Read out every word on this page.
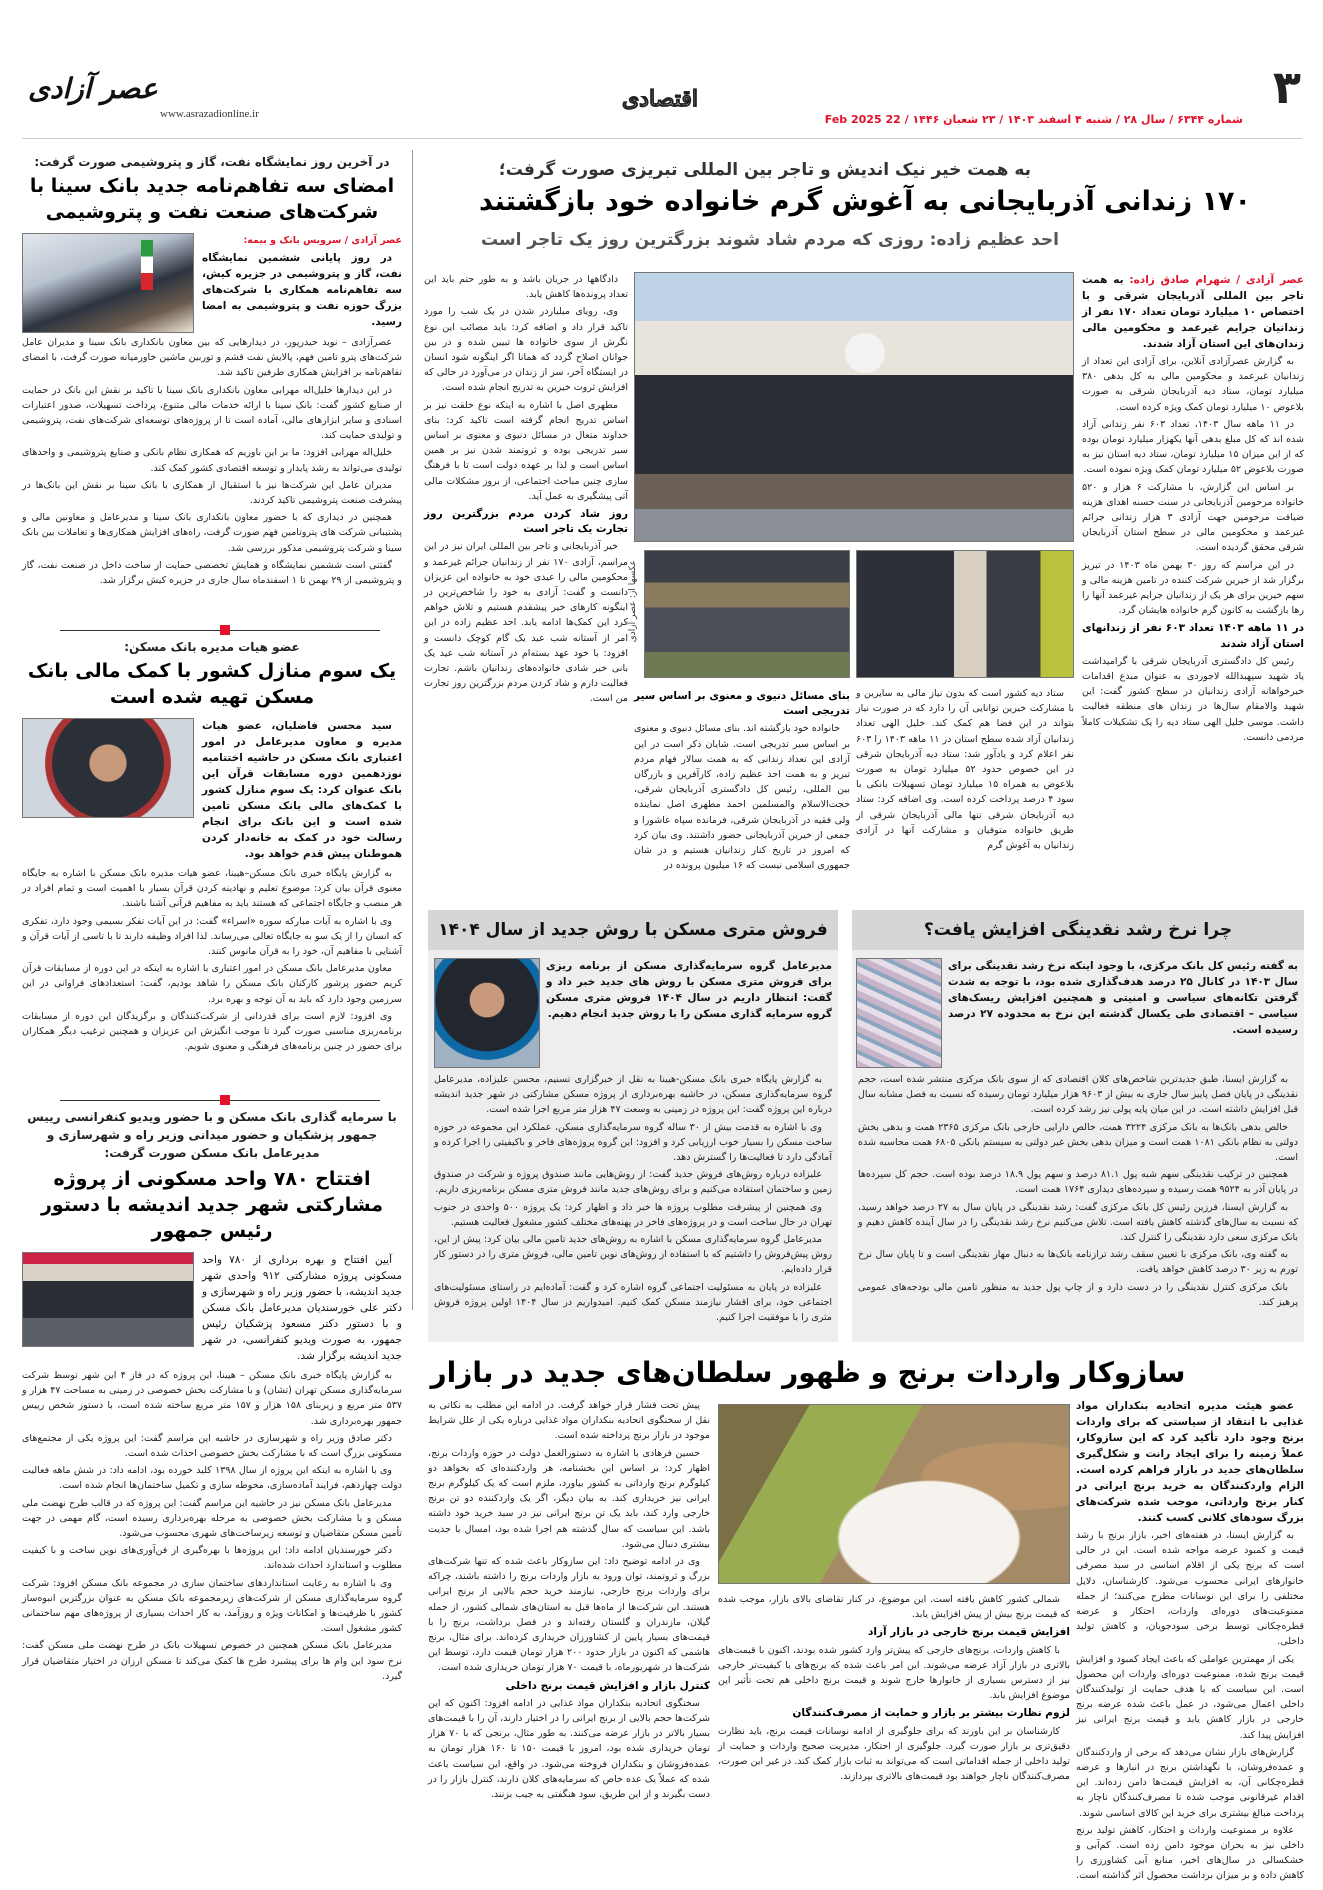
۳
شماره ۶۳۴۴ / سال ۲۸ / شنبه ۴ اسفند ۱۴۰۳ / ۲۳ شعبان ۱۴۴۶ / 22 Feb 2025
اقتصادی
عصر آزادی
www.asrazadionline.ir
در آخرین روز نمایشگاه نفت، گاز و پتروشیمی صورت گرفت:
امضای سه تفاهم‌نامه جدید بانک سینا با شرکت‌های صنعت نفت و پتروشیمی

عصر آزادی / سرویس بانک و بیمه:

در روز پایانی ششمین نمایشگاه نفت، گاز و پتروشیمی در جزیره کیش، سه تفاهم‌نامه همکاری با شرکت‌های بزرگ حوزه نفت و پتروشیمی به امضا رسید.

عصرآزادی – نوید حیدرپور، در دیدارهایی که بین معاون بانکداری بانک سینا و مدیران عامل شرکت‌های پترو تامین فهم، پالایش نفت قشم و توربین ماشین خاورمیانه صورت گرفت، با امضای تفاهم‌نامه بر افزایش همکاری طرفین تاکید شد.

در این دیدارها خلیل‌اله مهرابی معاون بانکداری بانک سینا با تاکید بر نقش این بانک در حمایت از صنایع کشور گفت: بانک سینا با ارائه خدمات مالی متنوع، پرداخت تسهیلات، صدور اعتبارات اسنادی و سایر ابزارهای مالی، آماده است تا از پروژه‌های توسعه‌ای شرکت‌های نفت، پتروشیمی و تولیدی حمایت کند.

خلیل‌اله مهرابی افزود: ما بر این باوریم که همکاری نظام بانکی و صنایع پتروشیمی و واحدهای تولیدی می‌تواند به رشد پایدار و توسعه اقتصادی کشور کمک کند.

مدیران عامل این شرکت‌ها نیز با استقبال از همکاری با بانک سینا بر نقش این بانک‌ها در پیشرفت صنعت پتروشیمی تاکید کردند.

همچنین در دیداری که با حضور معاون بانکداری بانک سینا و مدیرعامل و معاونین مالی و پشتیبانی شرکت های پتروتامین فهم صورت گرفت، راه‌های افزایش همکاری‌ها و تعاملات بین بانک سینا و شرکت پتروشیمی مذکور بررسی شد.

گفتنی است ششمین نمایشگاه و همایش تخصصی حمایت از ساخت داخل در صنعت نفت، گاز و پتروشیمی از ۲۹ بهمن تا ۱ اسفندماه سال جاری در جزیره کیش برگزار شد.

عضو هیات مدیره بانک مسکن:
یک سوم منازل کشور با کمک مالی بانک مسکن تهیه شده است

سید محسن فاضلیان، عضو هیات مدیره و معاون مدیرعامل در امور اعتباری بانک مسکن در حاشیه اختتامیه نوزدهمین دوره مسابقات قرآن این بانک عنوان کرد: یک سوم منازل کشور با کمک‌های مالی بانک مسکن تامین شده است و این بانک برای انجام رسالت خود در کمک به خانه‌دار کردن هموطنان پیش قدم خواهد بود.

به گزارش پایگاه خبری بانک مسکن–هیبنا، عضو هیات مدیره بانک مسکن با اشاره به جایگاه معنوی قرآن بیان کرد: موضوع تعلیم و نهادینه کردن قرآن بسیار با اهمیت است و تمام افراد در هر منصب و جایگاه اجتماعی که هستند باید به مفاهیم قرآنی آشنا باشند.

وی با اشاره به آیات مبارکه سوره «اسراء» گفت: در این آیات تفکر بسیمی وجود دارد، تفکری که انسان را از یک سو به جایگاه تعالی می‌رساند. لذا افراد وظیفه دارند تا با تاسی از آیات قرآن و آشنایی با مفاهیم آن، خود را به قرآن مانوس کنند.

معاون مدیرعامل بانک مسکن در امور اعتباری با اشاره به اینکه در این دوره از مسابقات قرآن کریم حضور پرشور کارکنان بانک مسکن را شاهد بودیم، گفت: استعدادهای فراوانی در این سرزمین وجود دارد که باید به آن توجه و بهره برد.

وی افزود: لازم است برای قدردانی از شرکت‌کنندگان و برگزیدگان این دوره از مسابقات برنامه‌ریزی مناسبی صورت گیرد تا موجب انگیزش این عزیزان و همچنین ترغیب دیگر همکاران برای حضور در چنین برنامه‌های فرهنگی و معنوی شویم.

با سرمایه گذاری بانک مسکن و با حضور ویدیو کنفرانسی رییس جمهور پزشکیان و حضور میدانی وزیر راه و شهرسازی و مدیرعامل بانک مسکن صورت گرفت:
افتتاح ۷۸۰ واحد مسکونی از پروژه مشارکتی شهر جدید اندیشه با دستور رئیس جمهور

آیین افتتاح و بهره برداری از ۷۸۰ واحد مسکونی پروژه مشارکتی ۹۱۲ واحدی شهر جدید اندیشه، با حضور وزیر راه و شهرسازی و دکتر علی خورسندیان مدیرعامل بانک مسکن و با دستور دکتر مسعود پزشکیان رئیس جمهور، به صورت ویدیو کنفرانسی، در شهر جدید اندیشه برگزار شد.

به گزارش پایگاه خبری بانک مسکن – هیبنا، این پروژه که در فاز ۴ این شهر توسط شرکت سرمایه‌گذاری مسکن تهران (تشان) و با مشارکت بخش خصوصی در زمینی به مساحت ۴۷ هزار و ۵۳۷ متر مربع و زیربنای ۱۵۸ هزار و ۱۵۷ متر مربع ساخته شده است، با دستور شخص رییس جمهور بهره‌برداری شد.

دکتر صادق وزیر راه و شهرسازی در حاشیه این مراسم گفت: این پروژه یکی از مجتمع‌های مسکونی بزرگ است که با مشارکت بخش خصوصی احداث شده است.

وی با اشاره به اینکه این پروژه از سال ۱۳۹۸ کلید خورده بود، ادامه داد: در شش ماهه فعالیت دولت چهاردهم، فرایند آماده‌سازی، محوطه سازی و تکمیل ساختمان‌ها انجام شده است.

مدیرعامل بانک مسکن نیز در حاشیه این مراسم گفت: این پروژه که در قالب طرح نهضت ملی مسکن و با مشارکت بخش خصوصی به مرحله بهره‌برداری رسیده است، گام مهمی در جهت تأمین مسکن متقاضیان و توسعه زیرساخت‌های شهری محسوب می‌شود.

دکتر خورسندیان ادامه داد: این پروژه‌ها با بهره‌گیری از فن‌آوری‌های نوین ساخت و با کیفیت مطلوب و استاندارد احداث شده‌اند.

وی با اشاره به رعایت استانداردهای ساختمان سازی در مجموعه بانک مسکن افزود: شرکت گروه سرمایه‌گذاری مسکن از شرکت‌های زیرمجموعه بانک مسکن به عنوان بزرگترین انبوه‌ساز کشور با ظرفیت‌ها و امکانات ویژه و روزآمد، به کار احداث بسیاری از پروژه‌های مهم ساختمانی کشور مشغول است.

مدیرعامل بانک مسکن همچنین در خصوص تسهیلات بانک در طرح نهضت ملی مسکن گفت: نرخ سود این وام ها برای پیشبرد طرح ها کمک می‌کند تا مسکن ارزان در اختیار متقاضیان قرار گیرد.

به همت خیر نیک اندیش و تاجر بین المللی تبریزی صورت گرفت؛
۱۷۰ زندانی آذربایجانی به آغوش گرم خانواده خود بازگشتند
احد عظیم زاده: روزی که مردم شاد شوند بزرگترین روز یک تاجر است

عصر آزادی / شهرام صادق زاده: به همت تاجر بین المللی آذربایجان شرقی و با اختصاص ۱۰ میلیارد تومان تعداد ۱۷۰ نفر از زندانیان جرایم غیرعمد و محکومین مالی زندان‌های این استان آزاد شدند.

به گزارش عصرآزادی آنلاین، برای آزادی این تعداد از زندانیان غیرعمد و محکومین مالی به کل بدهی ۳۸۰ میلیارد تومان، ستاد دیه آذربایجان شرقی به صورت بلاعوض ۱۰ میلیارد تومان کمک ویژه کرده است.

در ۱۱ ماهه سال ۱۴۰۳، تعداد ۶۰۳ نفر زندانی آزاد شده اند که کل مبلغ بدهی آنها یکهزار میلیارد تومان بوده که از این میزان ۱۵ میلیارد تومان، ستاد دیه استان نیز به صورت بلاعوض ۵۲ میلیارد تومان کمک ویژه نموده است.

بر اساس این گزارش، با مشارکت ۶ هزار و ۵۲۰ خانواده مرحومین آذربایجانی در سنت حسنه اهدای هزینه ضیافت مرحومین جهت آزادی ۳ هزار زندانی جرائم غیرعمد و محکومین مالی در سطح استان آذربایجان شرقی محقق گردیده است.

در این مراسم که روز ۳۰ بهمن ماه ۱۴۰۳ در تبریز برگزار شد از خیرین شرکت کننده در تامین هزینه مالی و سهم خیرین برای هر یک از زندانیان جرایم غیرعمد آنها را رها بازگشت به کانون گرم خانواده هایشان گرد.

در ۱۱ ماهه ۱۴۰۳ تعداد ۶۰۳ نفر از زندانهای استان آزاد شدند

رئیس کل دادگستری آذربایجان شرقی با گرامیداشت یاد شهید سپهبدالله لاجوردی به عنوان مبدع اقدامات خیرخواهانه آزادی زندانیان در سطح کشور گفت: این شهید والامقام سال‌ها در زندان های منطقه فعالیت داشت. موسی خلیل الهی ستاد دیه را یک تشکیلات کاملاً مردمی دانست.

عکسها از: عصر آزادی

ستاد دیه کشور است که بدون نیاز مالی به سایرین و با مشارکت خیرین توانایی آن را دارد که در صورت نیاز بتواند در این فضا هم کمک کند. خلیل الهی تعداد زندانیان آزاد شده سطح استان در ۱۱ ماهه ۱۴۰۳ را ۶۰۳ نفر اعلام کرد و یادآور شد: ستاد دیه آذربایجان شرقی در این خصوص حدود ۵۲ میلیارد تومان به صورت بلاعوض به همراه ۱۵ میلیارد تومان تسهیلات بانکی با سود ۴ درصد پرداخت کرده است. وی اضافه کرد: ستاد دیه آذربایجان شرقی تنها مالی آذربایجان شرقی از طریق خانواده متوفیان و مشارکت آنها در آزادی زندانیان به آغوش گرم

بنای مسائل دنیوی و معنوی بر اساس سیر تدریجی است

خانواده خود بازگشته اند. بنای مسائل دنیوی و معنوی بر اساس سیر تدریجی است. شایان ذکر است در این آزادی این تعداد زندانی که به همت سالار فهام مردم تبریز و به همت احد عظیم زاده، کارآفرین و بازرگان بین المللی، رئیس کل دادگستری آذربایجان شرقی، حجت‌الاسلام والمسلمین احمد مطهری اصل نماینده ولی فقیه در آذربایجان شرقی، فرمانده سپاه عاشورا و جمعی از خیرین آذربایجانی حضور داشتند. وی بیان کرد که امروز در تاریخ کنار زندانیان هستیم و در شان جمهوری اسلامی نیست که ۱۶ میلیون پرونده در

دادگاهها در جریان باشد و به طور حتم باید این تعداد پرونده‌ها کاهش یابد.

وی، رویای میلیاردر شدن در یک شب را مورد تاکید قرار داد و اضافه کرد: باید مصائب این نوع نگرش از سوی خانواده ها تبیین شده و در بین جوانان اصلاح گردد که همانا اگر اینگونه شود انسان در ایستگاه آخر، سر از زندان در می‌آورد در حالی که افزایش ثروت خیرین به تدریج انجام شده است.

مطهری اصل با اشاره به اینکه نوع خلقت نیز بر اساس تدریج انجام گرفته است تاکید کرد: بنای خداوند متعال در مسائل دنیوی و معنوی بر اساس سیر تدریجی بوده و ثروتمند شدن نیز بر همین اساس است و لذا بر عهده دولت است تا با فرهنگ سازی چنین مباحث اجتماعی، از بروز مشکلات مالی آتی پیشگیری به عمل آید.

روز شاد کردن مردم بزرگترین روز تجارت یک تاجر است

خیر آذربایجانی و تاجر بین المللی ایران نیز در این مراسم، آزادی ۱۷۰ نفر از زندانیان جرائم غیرعمد و محکومین مالی را عیدی خود به خانواده این عزیزان دانست و گفت: آزادی به خود را شاخص‌ترین در اینگونه کارهای خیر پیشقدم هستیم و تلاش خواهم کرد این کمک‌ها ادامه یابد. احد عظیم زاده در این امر از آستانه شب عید یک گام کوچک دانست و افزود: با خود عهد بسته‌ام در آستانه شب عید یک بانی خیر شادی خانواده‌های زندانیان باشم. تجارت فعالیت دارم و شاد کردن مردم بزرگترین روز تجارت من است.

چرا نرخ رشد نقدینگی افزایش یافت؟

به گفته رئیس کل بانک مرکزی، با وجود اینکه نرخ رشد نقدینگی برای سال ۱۴۰۳ در کانال ۲۵ درصد هدف‌گذاری شده بود، با توجه به شدت گرفتن تکانه‌های سیاسی و امنیتی و همچنین افزایش ریسک‌های سیاسی – اقتصادی طی یکسال گذشته این نرخ به محدوده ۲۷ درصد رسیده است.

به گزارش ایسنا، طبق جدیدترین شاخص‌های کلان اقتصادی که از سوی بانک مرکزی منتشر شده است، حجم نقدینگی در پایان فصل پاییز سال جاری به بیش از ۹۶۰۳ هزار میلیارد تومان رسیده که نسبت به فصل مشابه سال قبل افزایش داشته است. در این میان پایه پولی نیز رشد کرده است.

خالص بدهی بانک‌ها به بانک مرکزی ۳۲۲۴ همت، خالص دارایی خارجی بانک مرکزی ۲۳۶۵ همت و بدهی بخش دولتی به نظام بانکی ۱۰۸۱ همت است و میزان بدهی بخش غیر دولتی به سیستم بانکی ۶۸۰۵ همت محاسبه شده است.

همچنین در ترکیب نقدینگی سهم شبه پول ۸۱.۱ درصد و سهم پول ۱۸.۹ درصد بوده است. حجم کل سپرده‌ها در پایان آذر به ۹۵۲۴ همت رسیده و سپرده‌های دیداری ۱۷۶۴ همت است.

به گزارش ایسنا، فرزین رئیس کل بانک مرکزی گفت: رشد نقدینگی در پایان سال به ۲۷ درصد خواهد رسید، که نسبت به سال‌های گذشته کاهش یافته است. تلاش می‌کنیم نرخ رشد نقدینگی را در سال آینده کاهش دهیم و بانک مرکزی سعی دارد نقدینگی را کنترل کند.

به گفته وی، بانک مرکزی با تعیین سقف رشد ترازنامه بانک‌ها به دنبال مهار نقدینگی است و تا پایان سال نرخ تورم به زیر ۳۰ درصد کاهش خواهد یافت.

بانک مرکزی کنترل نقدینگی را در دست دارد و از چاپ پول جدید به منظور تامین مالی بودجه‌های عمومی پرهیز کند.

فروش متری مسکن با روش جدید از سال ۱۴۰۴

مدیرعامل گروه سرمایه‌گذاری مسکن از برنامه ریزی برای فروش متری مسکن با روش های جدید خبر داد و گفت: انتظار داریم در سال ۱۴۰۴ فروش متری مسکن گروه سرمایه گذاری مسکن را با روش جدید انجام دهیم.

به گزارش پایگاه خبری بانک مسکن-هیبنا به نقل از خبرگزاری تسنیم، محسن علیزاده، مدیرعامل گروه سرمایه‌گذاری مسکن، در حاشیه بهره‌برداری از پروژه مسکن مشارکتی در شهر جدید اندیشه درباره این پروژه گفت: این پروژه در زمینی به وسعت ۴۷ هزار متر مربع اجرا شده است.

وی با اشاره به قدمت بیش از ۳۰ ساله گروه سرمایه‌گذاری مسکن، عملکرد این مجموعه در حوزه ساخت مسکن را بسیار خوب ارزیابی کرد و افزود: این گروه پروژه‌های فاخر و باکیفیتی را اجرا کرده و آمادگی دارد تا فعالیت‌ها را گسترش دهد.

علیزاده درباره روش‌های فروش جدید گفت: از روش‌هایی مانند صندوق پروژه و شرکت در صندوق زمین و ساختمان استفاده می‌کنیم و برای روش‌های جدید مانند فروش متری مسکن برنامه‌ریزی داریم.

وی همچنین از پیشرفت مطلوب پروژه ها خبر داد و اظهار کرد: یک پروژه ۵۰۰ واحدی در جنوب تهران در حال ساخت است و در پروژه‌های فاخر در پهنه‌های مختلف کشور مشغول فعالیت هستیم.

مدیرعامل گروه سرمایه‌گذاری مسکن با اشاره به روش‌های جدید تامین مالی بیان کرد: پیش از این، روش پیش‌فروش را داشتیم که با استفاده از روش‌های نوین تامین مالی، فروش متری را در دستور کار قرار داده‌ایم.

علیزاده در پایان به مسئولیت اجتماعی گروه اشاره کرد و گفت: آماده‌ایم در راستای مسئولیت‌های اجتماعی خود، برای اقشار نیازمند مسکن کمک کنیم. امیدواریم در سال ۱۴۰۴ اولین پروژه فروش متری را با موفقیت اجرا کنیم.

سازوکار واردات برنج و ظهور سلطان‌های جدید در بازار

عضو هیئت مدیره اتحادیه بنکداران مواد غذایی با انتقاد از سیاستی که برای واردات برنج وجود دارد تأکید کرد که این سازوکار، عملاً زمینه را برای ایجاد رانت و شکل‌گیری سلطان‌های جدید در بازار فراهم کرده است. الزام واردکنندگان به خرید برنج ایرانی در کنار برنج وارداتی، موجب شده شرکت‌های بزرگ سودهای کلانی کسب کنند.

به گزارش ایسنا، در هفته‌های اخیر، بازار برنج با رشد قیمت و کمبود عرضه مواجه شده است. این در حالی است که برنج یکی از اقلام اساسی در سبد مصرفی خانوارهای ایرانی محسوب می‌شود. کارشناسان، دلایل مختلفی را برای این نوسانات مطرح می‌کنند؛ از جمله ممنوعیت‌های دوره‌ای واردات، احتکار و عرضه قطره‌چکانی توسط برخی سودجویان، و کاهش تولید داخلی.

یکی از مهمترین عواملی که باعث ایجاد کمبود و افزایش قیمت برنج شده، ممنوعیت دوره‌ای واردات این محصول است. این سیاست که با هدف حمایت از تولیدکنندگان داخلی اعمال می‌شود، در عمل باعث شده عرضه برنج خارجی در بازار کاهش یابد و قیمت برنج ایرانی نیز افزایش پیدا کند.

گزارش‌های بازار نشان می‌دهد که برخی از واردکنندگان و عمده‌فروشان، با نگهداشتن برنج در انبارها و عرضه قطره‌چکانی آن، به افزایش قیمت‌ها دامن زده‌اند. این اقدام غیرقانونی موجب شده تا مصرف‌کنندگان ناچار به پرداخت مبالغ بیشتری برای خرید این کالای اساسی شوند.

علاوه بر ممنوعیت واردات و احتکار، کاهش تولید برنج داخلی نیز به بحران موجود دامن زده است. کم‌آبی و خشکسالی در سال‌های اخیر، منابع آبی کشاورزی را کاهش داده و بر میزان برداشت محصول اثر گذاشته است.

شمالی کشور کاهش یافته است. این موضوع، در کنار تقاضای بالای بازار، موجب شده که قیمت برنج بیش از پیش افزایش یابد.

افزایش قیمت برنج خارجی در بازار آزاد

با کاهش واردات، برنج‌های خارجی که پیش‌تر وارد کشور شده بودند، اکنون با قیمت‌های بالاتری در بازار آزاد عرضه می‌شوند. این امر باعث شده که برنج‌های با کیفیت‌تر خارجی نیز از دسترس بسیاری از خانوارها خارج شوند و قیمت برنج داخلی هم تحت تأثیر این موضوع افزایش یابد.

لزوم نظارت بیشتر بر بازار و حمایت از مصرف‌کنندگان

کارشناسان بر این باورند که برای جلوگیری از ادامه نوسانات قیمت برنج، باید نظارت دقیق‌تری بر بازار صورت گیرد. جلوگیری از احتکار، مدیریت صحیح واردات و حمایت از تولید داخلی از جمله اقداماتی است که می‌تواند به ثبات بازار کمک کند. در غیر این صورت، مصرف‌کنندگان ناچار خواهند بود قیمت‌های بالاتری بپردازند.

پیش تحت فشار قرار خواهد گرفت. در ادامه این مطلب به نکاتی به نقل از سخنگوی اتحادیه بنکداران مواد غذایی درباره یکی از علل شرایط موجود در بازار برنج پرداخته شده است.

حسین فرهادی با اشاره به دستورالعمل دولت در حوزه واردات برنج، اظهار کرد: بر اساس این بخشنامه، هر واردکننده‌ای که بخواهد دو کیلوگرم برنج وارداتی به کشور بیاورد، ملزم است که یک کیلوگرم برنج ایرانی نیز خریداری کند. به بیان دیگر، اگر یک واردکننده دو تن برنج خارجی وارد کند، باید یک تن برنج ایرانی نیز در سبد خرید خود داشته باشد. این سیاست که سال گذشته هم اجرا شده بود، امسال با جدیت بیشتری دنبال می‌شود.

وی در ادامه توضیح داد: این سازوکار باعث شده که تنها شرکت‌های بزرگ و ثروتمند، توان ورود به بازار واردات برنج را داشته باشند، چراکه برای واردات برنج خارجی، نیازمند خرید حجم بالایی از برنج ایرانی هستند. این شرکت‌ها از ماه‌ها قبل به استان‌های شمالی کشور، از جمله گیلان، مازندران و گلستان رفته‌اند و در فصل برداشت، برنج را با قیمت‌های بسیار پایین از کشاورزان خریداری کرده‌اند. برای مثال، برنج هاشمی که اکنون در بازار حدود ۲۰۰ هزار تومان قیمت دارد، توسط این شرکت‌ها در شهریورماه، با قیمت ۷۰ هزار تومان خریداری شده است.

کنترل بازار و افزایش قیمت برنج داخلی

سخنگوی اتحادیه بنکداران مواد غذایی در ادامه افزود: اکنون که این شرکت‌ها حجم بالایی از برنج ایرانی را در اختیار دارند، آن را با قیمت‌های بسیار بالاتر در بازار عرضه می‌کنند. به طور مثال، برنجی که با ۷۰ هزار تومان خریداری شده بود، امروز با قیمت ۱۵۰ تا ۱۶۰ هزار تومان به عمده‌فروشان و بنکداران فروخته می‌شود. در واقع، این سیاست باعث شده که عملاً یک عده خاص که سرمایه‌های کلان دارند، کنترل بازار را در دست بگیرند و از این طریق، سود هنگفتی به جیب بزنند.
